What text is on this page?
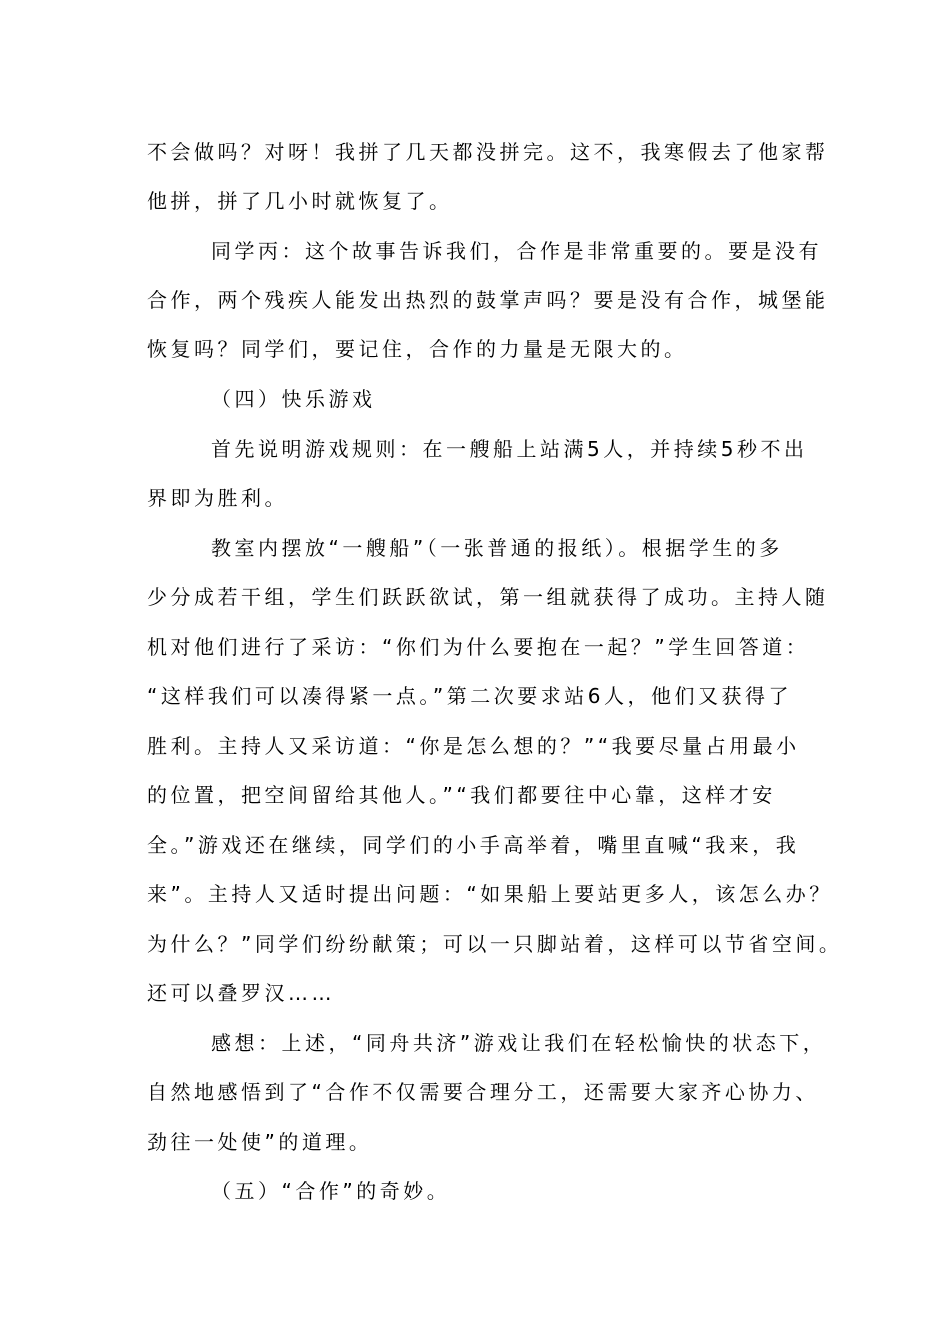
不会做吗？对呀！我拼了几天都没拼完。这不，我寒假去了他家帮
他拼，拼了几小时就恢复了。
同学丙：这个故事告诉我们，合作是非常重要的。要是没有
合作，两个残疾人能发出热烈的鼓掌声吗？要是没有合作，城堡能
恢复吗？同学们，要记住，合作的力量是无限大的。
（四）快乐游戏
首先说明游戏规则：在一艘船上站满5人，并持续5秒不出
界即为胜利。
教室内摆放“一艘船”（一张普通的报纸）。根据学生的多
少分成若干组，学生们跃跃欲试，第一组就获得了成功。主持人随
机对他们进行了采访：“你们为什么要抱在一起？”学生回答道：
“这样我们可以凑得紧一点。”第二次要求站6人，他们又获得了
胜利。主持人又采访道：“你是怎么想的？”“我要尽量占用最小
的位置，把空间留给其他人。”“我们都要往中心靠，这样才安
全。”游戏还在继续，同学们的小手高举着，嘴里直喊“我来，我
来”。主持人又适时提出问题：“如果船上要站更多人，该怎么办？
为什么？”同学们纷纷献策；可以一只脚站着，这样可以节省空间。
还可以叠罗汉……
感想：上述，“同舟共济”游戏让我们在轻松愉快的状态下，
自然地感悟到了“合作不仅需要合理分工，还需要大家齐心协力、
劲往一处使”的道理。
（五）“合作”的奇妙。
